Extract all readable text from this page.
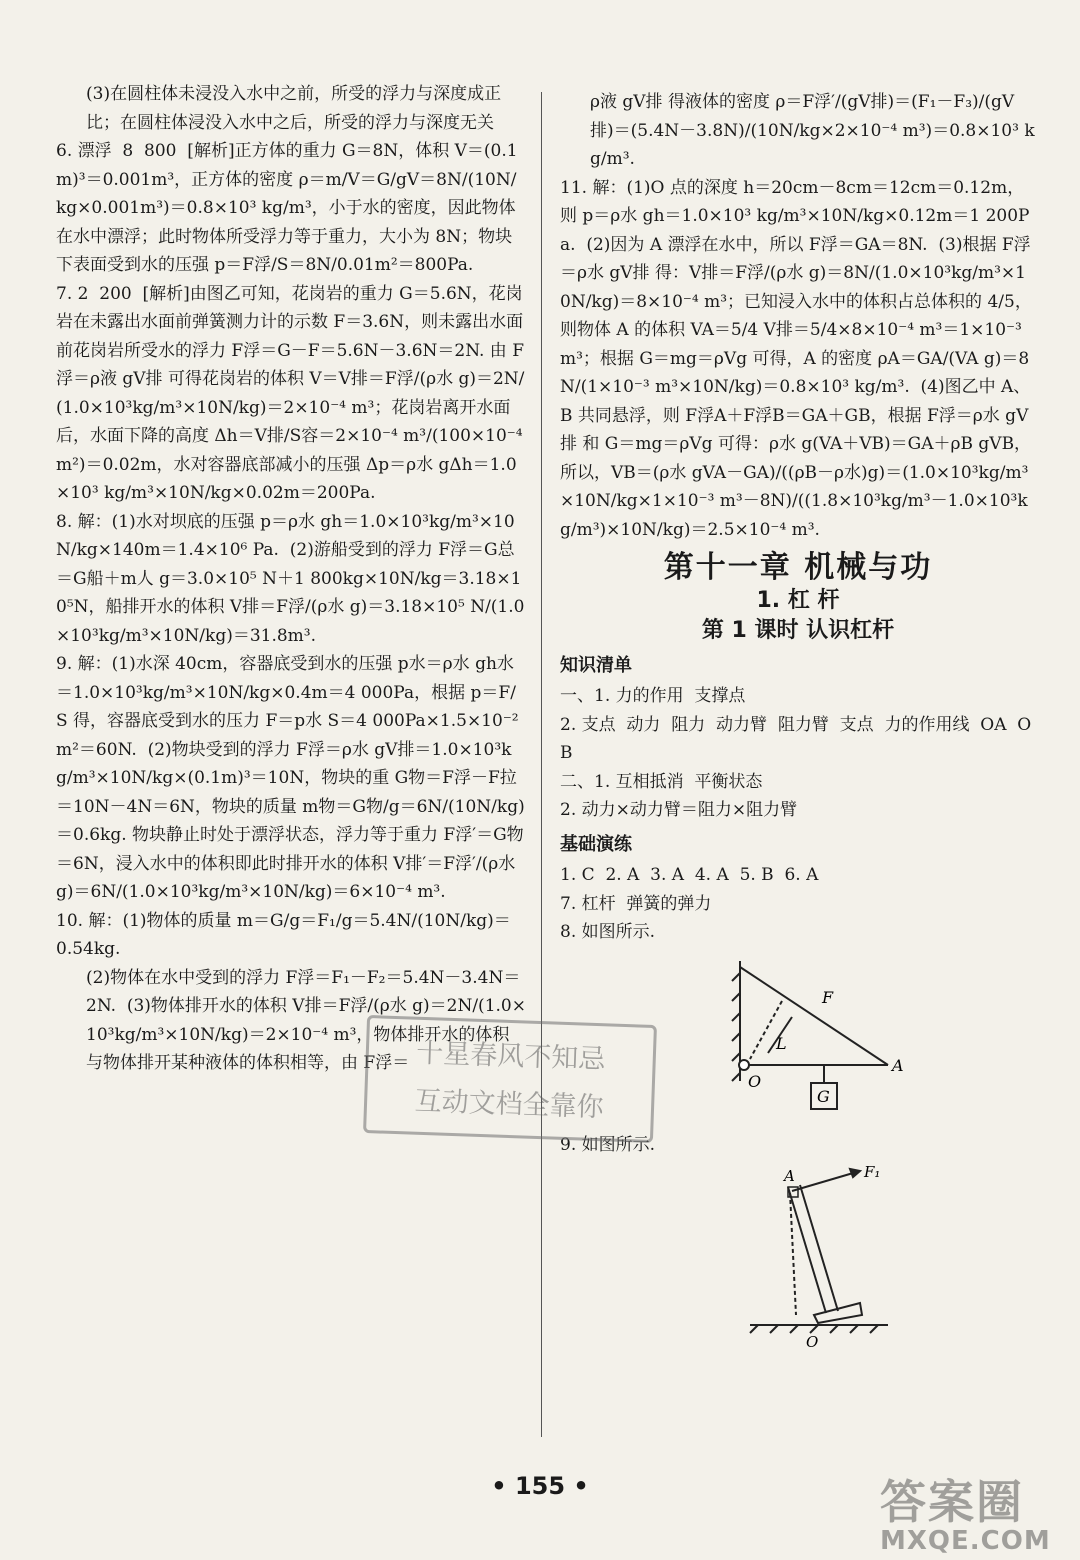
(3)在圆柱体未浸没入水中之前，所受的浮力与深度成正比；在圆柱体浸没入水中之后，所受的浮力与深度无关

6. 漂浮  8  800  [解析]正方体的重力 G＝8N，体积 V＝(0.1m)³＝0.001m³，正方体的密度 ρ＝m/V＝G/gV＝8N/(10N/kg×0.001m³)＝0.8×10³ kg/m³，小于水的密度，因此物体在水中漂浮；此时物体所受浮力等于重力，大小为 8N；物块下表面受到水的压强 p＝F浮/S＝8N/0.01m²＝800Pa.

7. 2  200  [解析]由图乙可知，花岗岩的重力 G＝5.6N，花岗岩在未露出水面前弹簧测力计的示数 F＝3.6N，则未露出水面前花岗岩所受水的浮力 F浮＝G－F＝5.6N－3.6N＝2N. 由 F浮＝ρ液 gV排 可得花岗岩的体积 V＝V排＝F浮/(ρ水 g)＝2N/(1.0×10³kg/m³×10N/kg)＝2×10⁻⁴ m³；花岗岩离开水面后，水面下降的高度 Δh＝V排/S容＝2×10⁻⁴ m³/(100×10⁻⁴ m²)＝0.02m，水对容器底部减小的压强 Δp＝ρ水 gΔh＝1.0×10³ kg/m³×10N/kg×0.02m＝200Pa.

8. 解：(1)水对坝底的压强 p＝ρ水 gh＝1.0×10³kg/m³×10N/kg×140m＝1.4×10⁶ Pa.  (2)游船受到的浮力 F浮＝G总＝G船＋m人 g＝3.0×10⁵ N＋1 800kg×10N/kg＝3.18×10⁵N，船排开水的体积 V排＝F浮/(ρ水 g)＝3.18×10⁵ N/(1.0×10³kg/m³×10N/kg)＝31.8m³.

9. 解：(1)水深 40cm，容器底受到水的压强 p水＝ρ水 gh水＝1.0×10³kg/m³×10N/kg×0.4m＝4 000Pa，根据 p＝F/S 得，容器底受到水的压力 F＝p水 S＝4 000Pa×1.5×10⁻² m²＝60N.  (2)物块受到的浮力 F浮＝ρ水 gV排＝1.0×10³kg/m³×10N/kg×(0.1m)³＝10N，物块的重 G物＝F浮－F拉＝10N－4N＝6N，物块的质量 m物＝G物/g＝6N/(10N/kg)＝0.6kg. 物块静止时处于漂浮状态，浮力等于重力 F浮′＝G物＝6N，浸入水中的体积即此时排开水的体积 V排′＝F浮′/(ρ水 g)＝6N/(1.0×10³kg/m³×10N/kg)＝6×10⁻⁴ m³.

10. 解：(1)物体的质量 m＝G/g＝F₁/g＝5.4N/(10N/kg)＝0.54kg.

(2)物体在水中受到的浮力 F浮＝F₁－F₂＝5.4N－3.4N＝2N.  (3)物体排开水的体积 V排＝F浮/(ρ水 g)＝2N/(1.0×10³kg/m³×10N/kg)＝2×10⁻⁴ m³，物体排开水的体积与物体排开某种液体的体积相等，由 F浮＝

ρ液 gV排 得液体的密度 ρ＝F浮′/(gV排)＝(F₁－F₃)/(gV排)＝(5.4N－3.8N)/(10N/kg×2×10⁻⁴ m³)＝0.8×10³ kg/m³.

11. 解：(1)O 点的深度 h＝20cm－8cm＝12cm＝0.12m，则 p＝ρ水 gh＝1.0×10³ kg/m³×10N/kg×0.12m＝1 200Pa.  (2)因为 A 漂浮在水中，所以 F浮＝GA＝8N.  (3)根据 F浮＝ρ水 gV排 得：V排＝F浮/(ρ水 g)＝8N/(1.0×10³kg/m³×10N/kg)＝8×10⁻⁴ m³；已知浸入水中的体积占总体积的 4/5，则物体 A 的体积 VA＝5/4 V排＝5/4×8×10⁻⁴ m³＝1×10⁻³ m³；根据 G＝mg＝ρVg 可得，A 的密度 ρA＝GA/(VA g)＝8N/(1×10⁻³ m³×10N/kg)＝0.8×10³ kg/m³.  (4)图乙中 A、B 共同悬浮，则 F浮A＋F浮B＝GA＋GB，根据 F浮＝ρ水 gV排 和 G＝mg＝ρVg 可得：ρ水 g(VA＋VB)＝GA＋ρB gVB，所以，VB＝(ρ水 gVA－GA)/((ρB－ρ水)g)＝(1.0×10³kg/m³×10N/kg×1×10⁻³ m³－8N)/((1.8×10³kg/m³－1.0×10³kg/m³)×10N/kg)＝2.5×10⁻⁴ m³.

第十一章 机械与功
1. 杠 杆
第 1 课时 认识杠杆
知识清单

一、1. 力的作用  支撑点

2. 支点  动力  阻力  动力臂  阻力臂  支点  力的作用线  OA  OB

二、1. 互相抵消  平衡状态

2. 动力×动力臂＝阻力×阻力臂

基础演练

1. C  2. A  3. A  4. A  5. B  6. A

7. 杠杆  弹簧的弹力

8. 如图所示.

F
L
O
A
G

9. 如图所示.

A	F₁
O
十星春风不知忌
互动文档全靠你
• 155 •	答案圈
MXQE.COM
